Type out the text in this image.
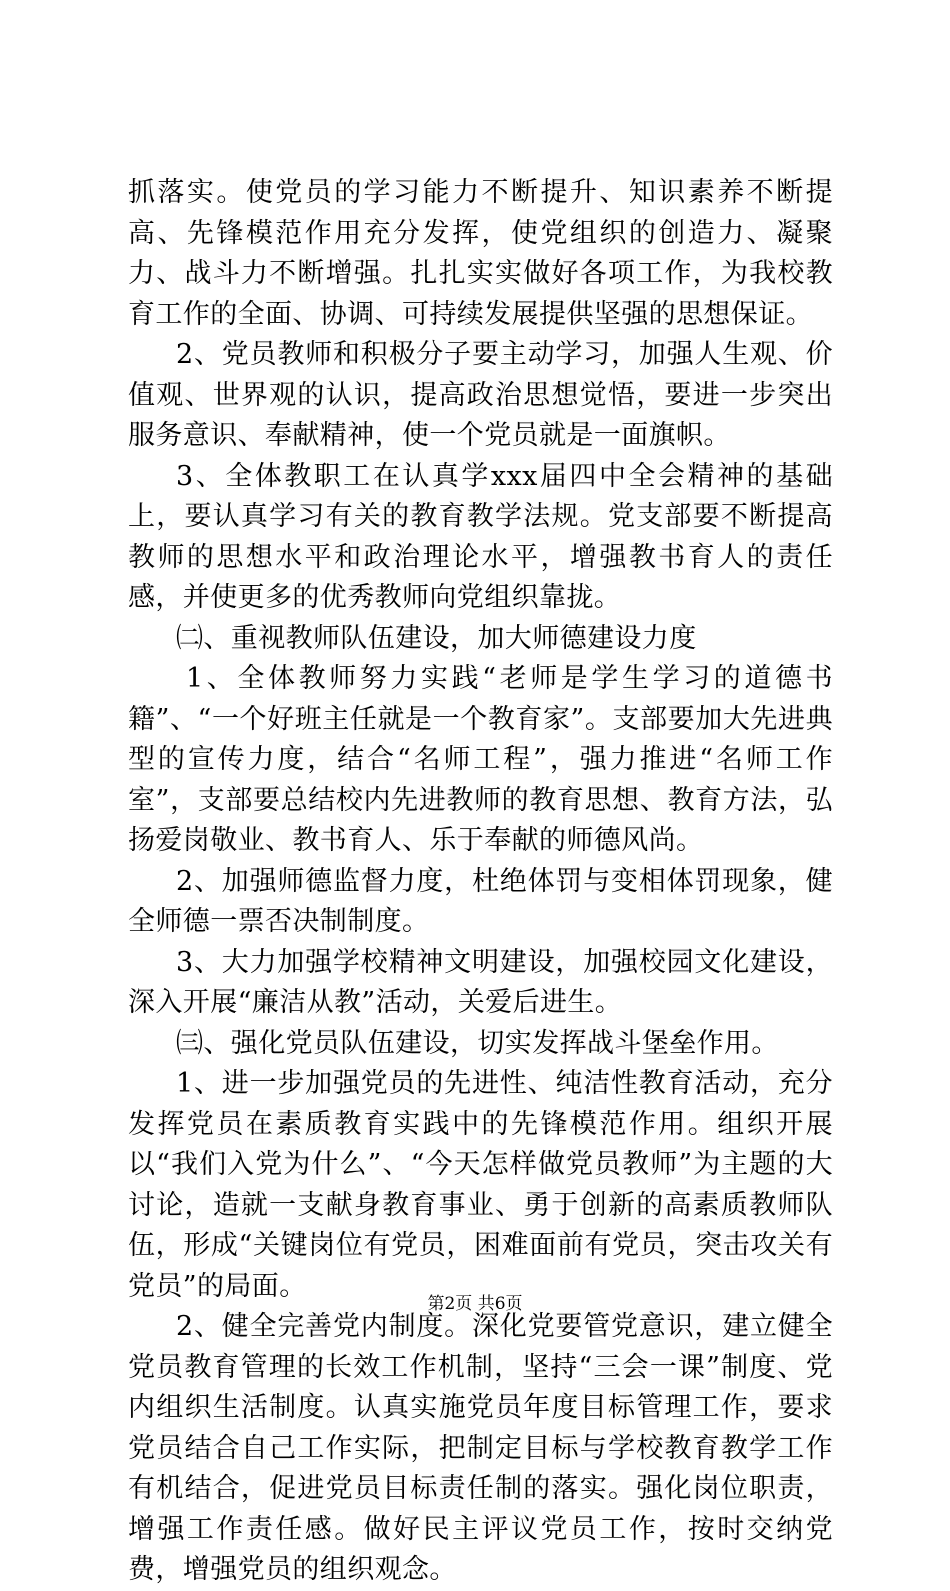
抓落实。使党员的学习能力不断提升、知识素养不断提高、先锋模范作用充分发挥，使党组织的创造力、凝聚力、战斗力不断增强。扎扎实实做好各项工作，为我校教育工作的全面、协调、可持续发展提供坚强的思想保证。

2、党员教师和积极分子要主动学习，加强人生观、价值观、世界观的认识，提高政治思想觉悟，要进一步突出服务意识、奉献精神，使一个党员就是一面旗帜。

3、全体教职工在认真学xxx届四中全会精神的基础上，要认真学习有关的教育教学法规。党支部要不断提高教师的思想水平和政治理论水平，增强教书育人的责任感，并使更多的优秀教师向党组织靠拢。

㈡、重视教师队伍建设，加大师德建设力度

1、全体教师努力实践“老师是学生学习的道德书籍”、“一个好班主任就是一个教育家”。支部要加大先进典型的宣传力度，结合“名师工程”，强力推进“名师工作室”，支部要总结校内先进教师的教育思想、教育方法，弘扬爱岗敬业、教书育人、乐于奉献的师德风尚。

2、加强师德监督力度，杜绝体罚与变相体罚现象，健全师德一票否决制制度。

3、大力加强学校精神文明建设，加强校园文化建设，深入开展“廉洁从教”活动，关爱后进生。

㈢、强化党员队伍建设，切实发挥战斗堡垒作用。

1、进一步加强党员的先进性、纯洁性教育活动，充分发挥党员在素质教育实践中的先锋模范作用。组织开展以“我们入党为什么”、“今天怎样做党员教师”为主题的大讨论，造就一支献身教育事业、勇于创新的高素质教师队伍，形成“关键岗位有党员，困难面前有党员，突击攻关有党员”的局面。

2、健全完善党内制度。深化党要管党意识，建立健全党员教育管理的长效工作机制，坚持“三会一课”制度、党内组织生活制度。认真实施党员年度目标管理工作，要求党员结合自己工作实际，把制定目标与学校教育教学工作有机结合，促进党员目标责任制的落实。强化岗位职责，增强工作责任感。做好民主评议党员工作，按时交纳党费，增强党员的组织观念。

第2页 共6页
